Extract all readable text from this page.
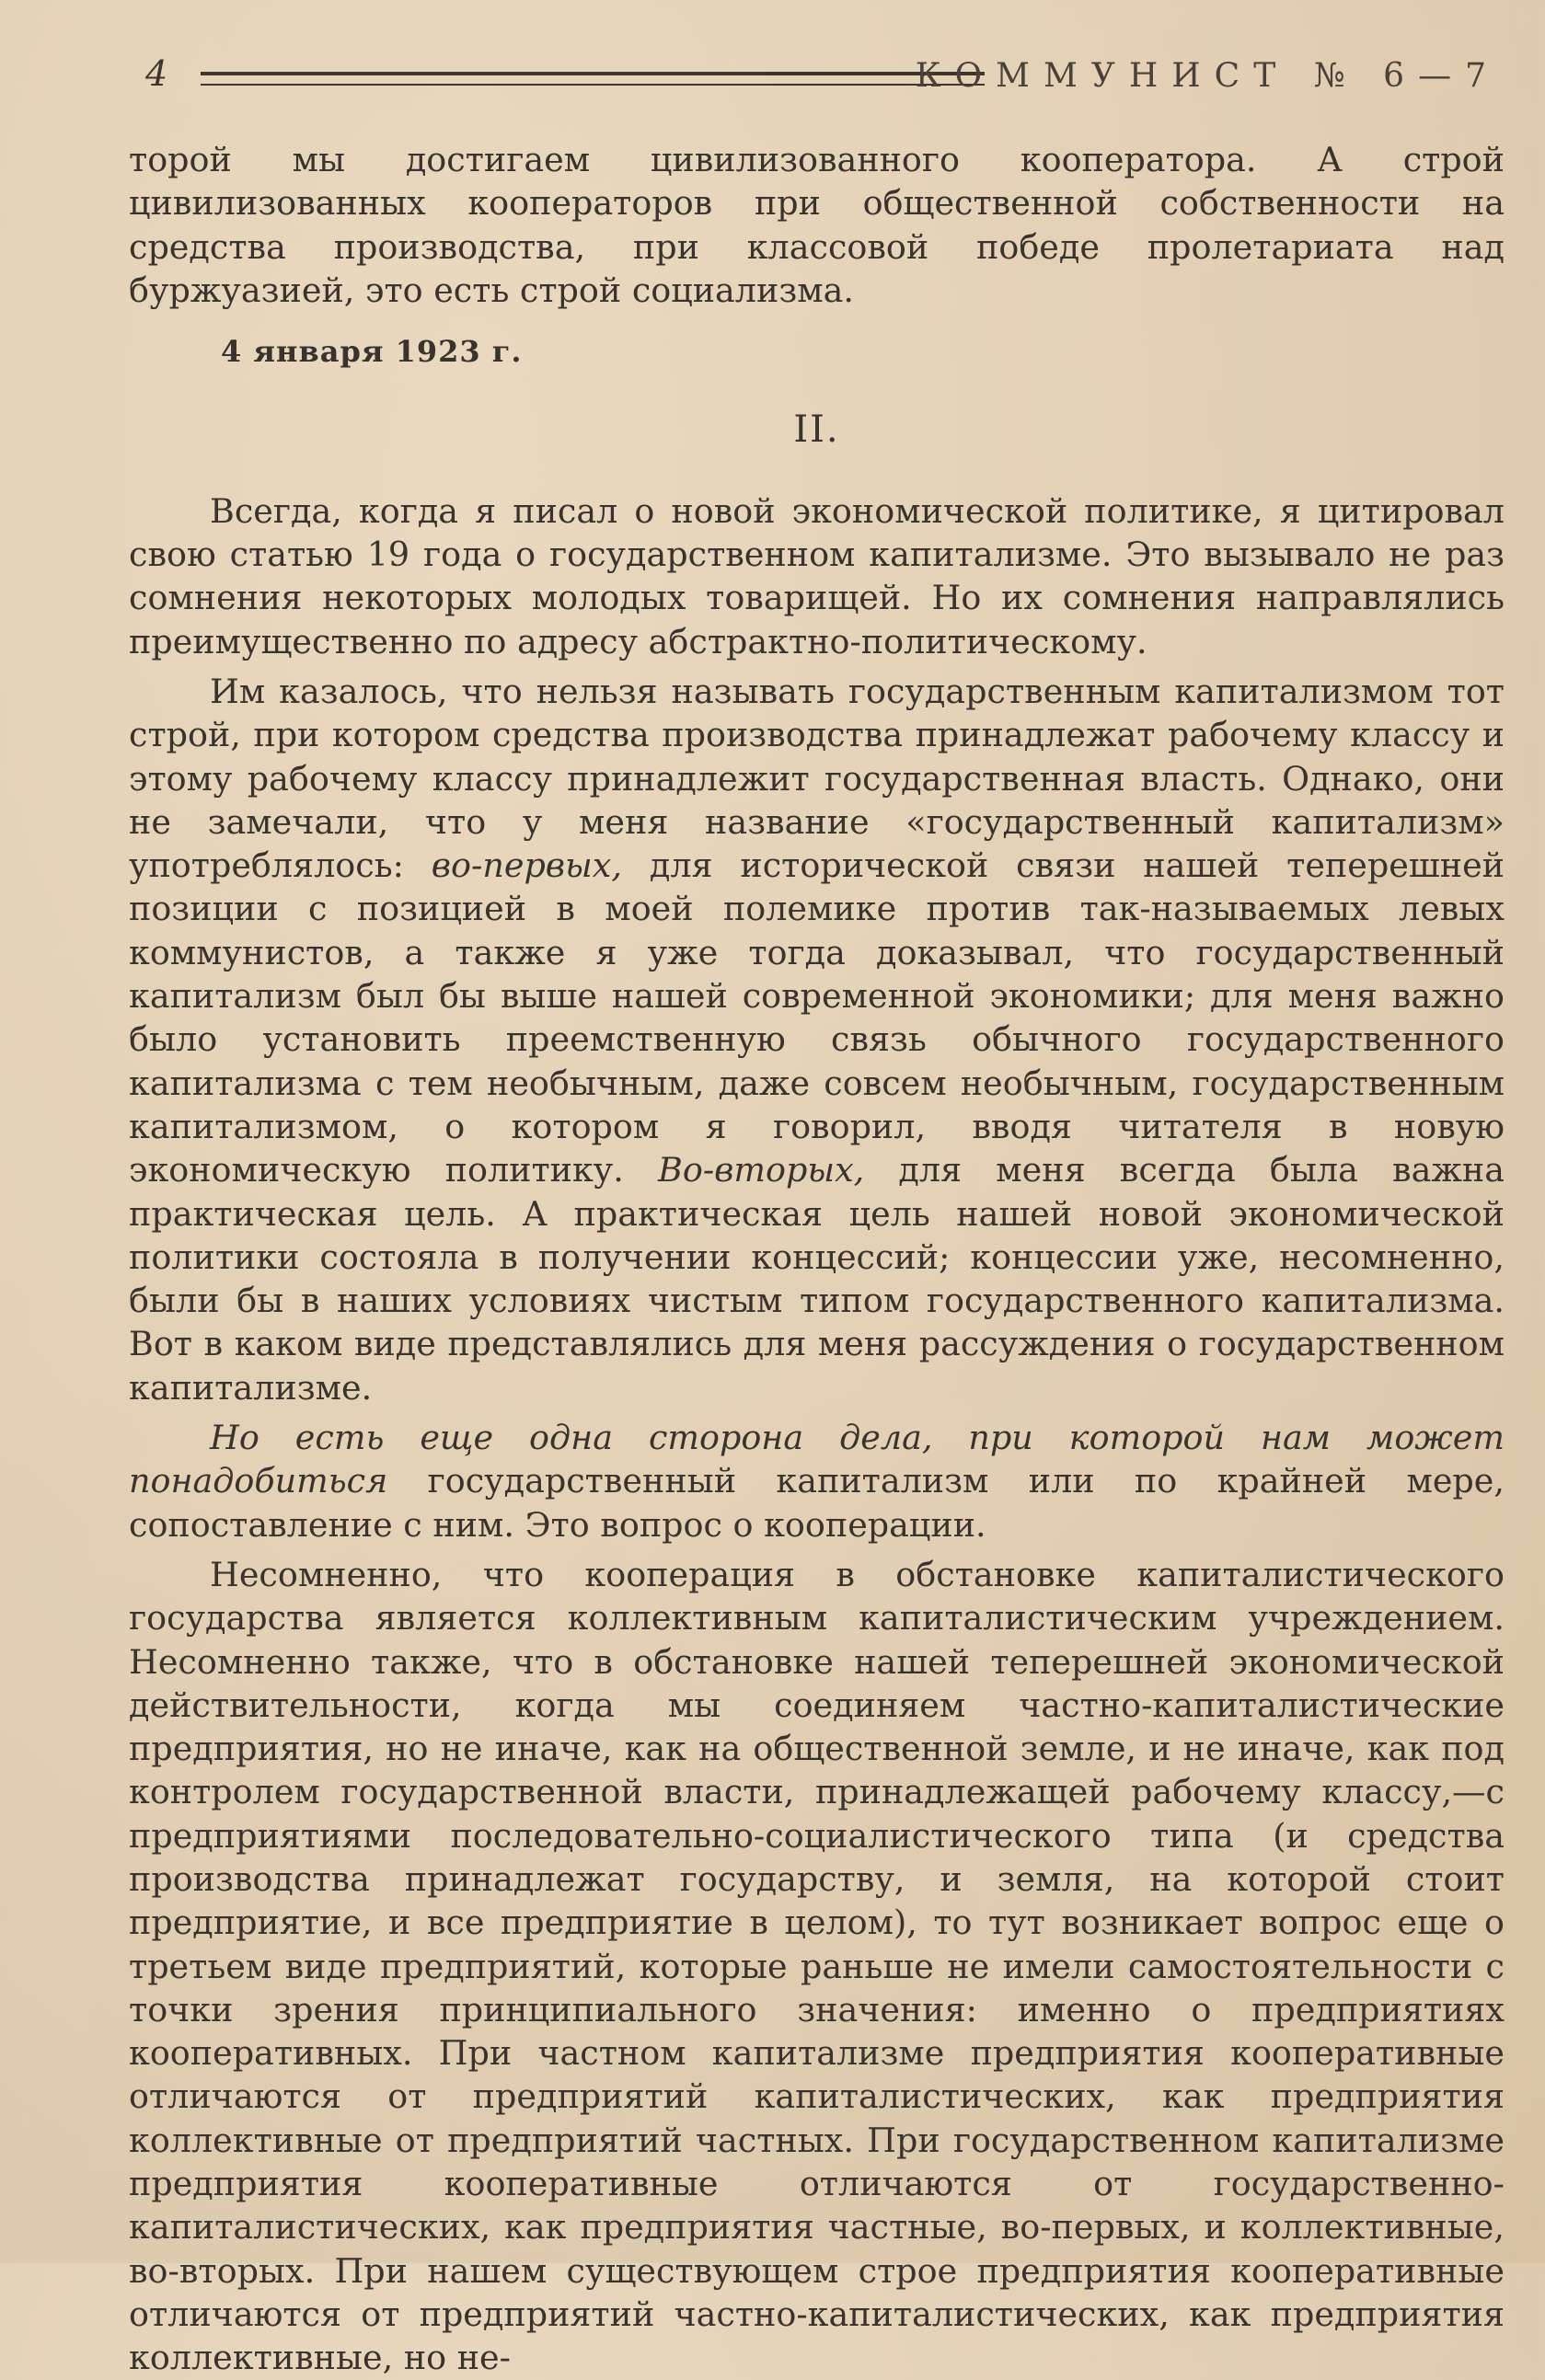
4	КОММУНИСТ № 6—7

торой мы достигаем цивилизованного кооператора. А строй цивилизованных кооператоров при общественной собственности на средства производства, при классовой победе пролетариата над буржуазией, это есть строй социализма.

4 января 1923 г.
II.

Всегда, когда я писал о новой экономической политике, я цитировал свою статью 19 года о государственном капитализме. Это вызывало не раз сомнения некоторых молодых товарищей. Но их сомнения направлялись преимущественно по адресу абстрактно-политическому.

Им казалось, что нельзя называть государственным капитализмом тот строй, при котором средства производства принадлежат рабочему классу и этому рабочему классу принадлежит государственная власть. Однако, они не замечали, что у меня название «государственный капитализм» употреблялось: во-первых, для исторической связи нашей теперешней позиции с позицией в моей полемике против так-называемых левых коммунистов, а также я уже тогда доказывал, что государственный капитализм был бы выше нашей современной экономики; для меня важно было установить преемственную связь обычного государственного капитализма с тем необычным, даже совсем необычным, государственным капитализмом, о котором я говорил, вводя читателя в новую экономическую политику. Во-вторых, для меня всегда была важна практическая цель. А практическая цель нашей новой экономической политики состояла в получении концессий; концессии уже, несомненно, были бы в наших условиях чистым типом государственного капитализма. Вот в каком виде представлялись для меня рассуждения о государственном капитализме.

Но есть еще одна сторона дела, при которой нам может понадобиться государственный капитализм или по крайней мере, сопоставление с ним. Это вопрос о кооперации.

Несомненно, что кооперация в обстановке капиталистического государства является коллективным капиталистическим учреждением. Несомненно также, что в обстановке нашей теперешней экономической действительности, когда мы соединяем частно-капиталистические предприятия, но не иначе, как на общественной земле, и не иначе, как под контролем государственной власти, принадлежащей рабочему классу,—с предприятиями последовательно-социалистического типа (и средства производства принадлежат государству, и земля, на которой стоит предприятие, и все предприятие в целом), то тут возникает вопрос еще о третьем виде предприятий, которые раньше не имели самостоятельности с точки зрения принципиального значения: именно о предприятиях кооперативных. При частном капитализме предприятия кооперативные отличаются от предприятий капиталистических, как предприятия коллективные от предприятий частных. При государственном капитализме предприятия кооперативные отличаются от государственно-капиталистических, как предприятия частные, во-первых, и коллективные, во-вторых. При нашем существующем строе предприятия кооперативные отличаются от предприятий частно-капиталистических, как предприятия коллективные, но не-
